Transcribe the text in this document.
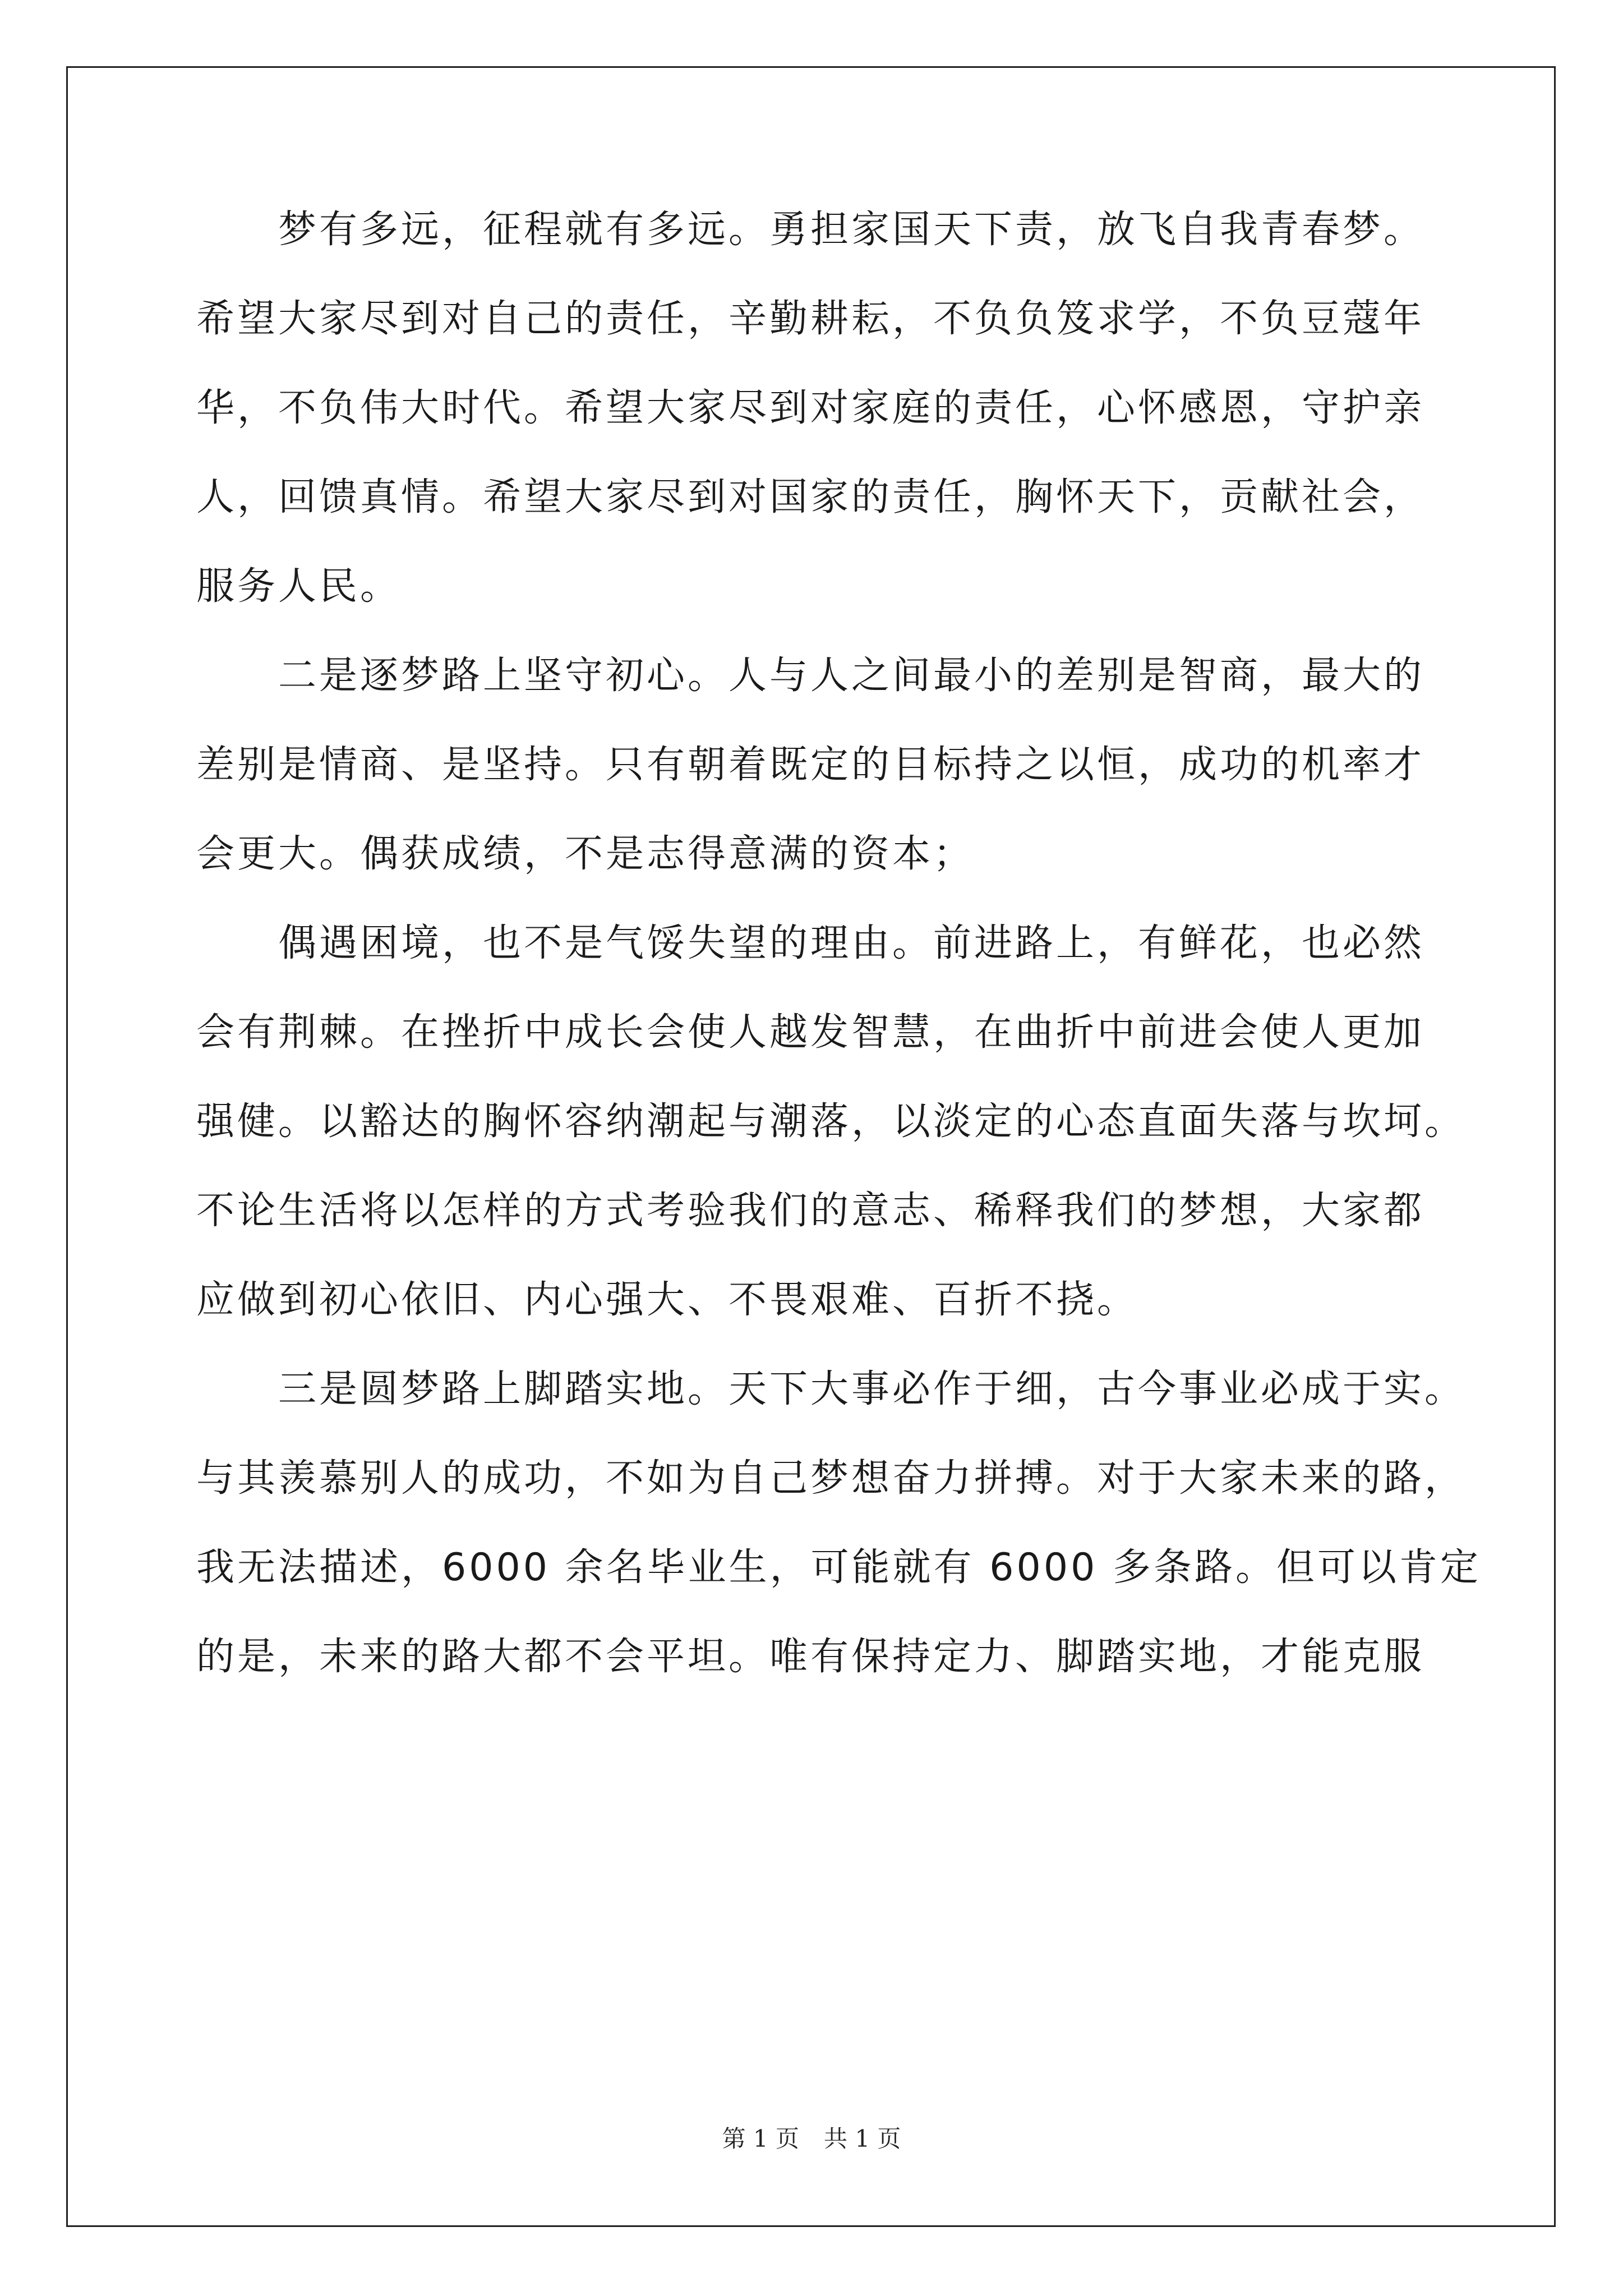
梦有多远，征程就有多远。勇担家国天下责，放飞自我青春梦。
希望大家尽到对自己的责任，辛勤耕耘，不负负笈求学，不负豆蔻年
华，不负伟大时代。希望大家尽到对家庭的责任，心怀感恩，守护亲
人，回馈真情。希望大家尽到对国家的责任，胸怀天下，贡献社会，
服务人民。
二是逐梦路上坚守初心。人与人之间最小的差别是智商，最大的
差别是情商、是坚持。只有朝着既定的目标持之以恒，成功的机率才
会更大。偶获成绩，不是志得意满的资本；
偶遇困境，也不是气馁失望的理由。前进路上，有鲜花，也必然
会有荆棘。在挫折中成长会使人越发智慧，在曲折中前进会使人更加
强健。以豁达的胸怀容纳潮起与潮落，以淡定的心态直面失落与坎坷。
不论生活将以怎样的方式考验我们的意志、稀释我们的梦想，大家都
应做到初心依旧、内心强大、不畏艰难、百折不挠。
三是圆梦路上脚踏实地。天下大事必作于细，古今事业必成于实。
与其羡慕别人的成功，不如为自己梦想奋力拼搏。对于大家未来的路，
我无法描述，6000 余名毕业生，可能就有 6000 多条路。但可以肯定
的是，未来的路大都不会平坦。唯有保持定力、脚踏实地，才能克服
第 1 页 共 1 页
